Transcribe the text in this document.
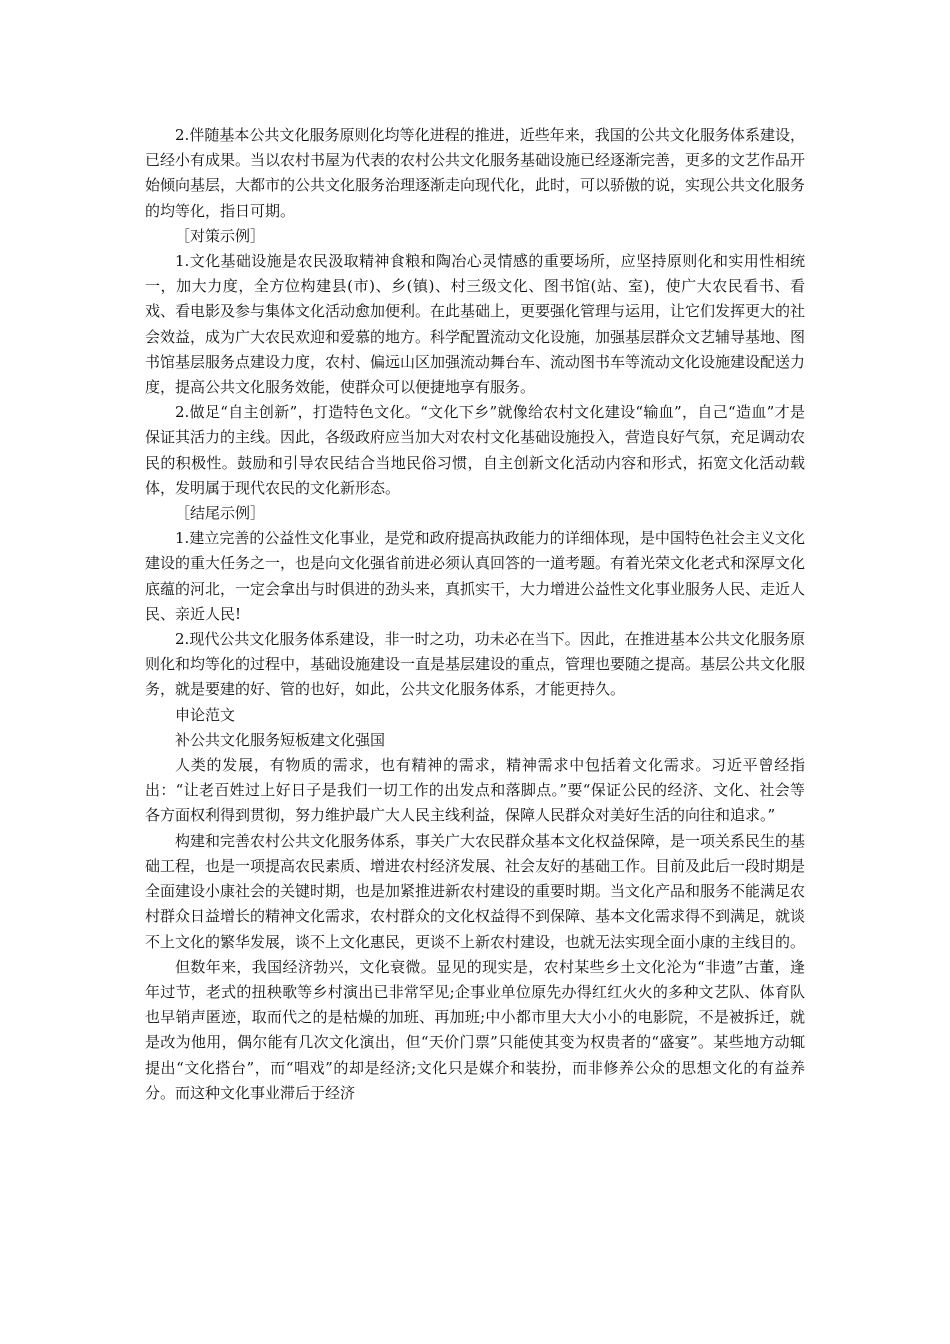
2.伴随基本公共文化服务原则化均等化进程的推进，近些年来，我国的公共文化服务体系建设，已经小有成果。当以农村书屋为代表的农村公共文化服务基础设施已经逐渐完善，更多的文艺作品开始倾向基层，大都市的公共文化服务治理逐渐走向现代化，此时，可以骄傲的说，实现公共文化服务的均等化，指日可期。

［对策示例］

1.文化基础设施是农民汲取精神食粮和陶冶心灵情感的重要场所，应坚持原则化和实用性相统一，加大力度，全方位构建县(市)、乡(镇)、村三级文化、图书馆(站、室)，使广大农民看书、看戏、看电影及参与集体文化活动愈加便利。在此基础上，更要强化管理与运用，让它们发挥更大的社会效益，成为广大农民欢迎和爱慕的地方。科学配置流动文化设施，加强基层群众文艺辅导基地、图书馆基层服务点建设力度，农村、偏远山区加强流动舞台车、流动图书车等流动文化设施建设配送力度，提高公共文化服务效能，使群众可以便捷地享有服务。

2.做足“自主创新”，打造特色文化。“文化下乡”就像给农村文化建设“输血”，自己“造血”才是保证其活力的主线。因此，各级政府应当加大对农村文化基础设施投入，营造良好气氛，充足调动农民的积极性。鼓励和引导农民结合当地民俗习惯，自主创新文化活动内容和形式，拓宽文化活动载体，发明属于现代农民的文化新形态。

［结尾示例］

1.建立完善的公益性文化事业，是党和政府提高执政能力的详细体现，是中国特色社会主义文化建设的重大任务之一，也是向文化强省前进必须认真回答的一道考题。有着光荣文化老式和深厚文化底蕴的河北，一定会拿出与时俱进的劲头来，真抓实干，大力增进公益性文化事业服务人民、走近人民、亲近人民!

2.现代公共文化服务体系建设，非一时之功，功未必在当下。因此，在推进基本公共文化服务原则化和均等化的过程中，基础设施建设一直是基层建设的重点，管理也要随之提高。基层公共文化服务，就是要建的好、管的也好，如此，公共文化服务体系，才能更持久。

申论范文

补公共文化服务短板建文化强国

人类的发展，有物质的需求，也有精神的需求，精神需求中包括着文化需求。习近平曾经指出：“让老百姓过上好日子是我们一切工作的出发点和落脚点。”要“保证公民的经济、文化、社会等各方面权利得到贯彻，努力维护最广大人民主线利益，保障人民群众对美好生活的向往和追求。”

构建和完善农村公共文化服务体系，事关广大农民群众基本文化权益保障，是一项关系民生的基础工程，也是一项提高农民素质、增进农村经济发展、社会友好的基础工作。目前及此后一段时期是全面建设小康社会的关键时期，也是加紧推进新农村建设的重要时期。当文化产品和服务不能满足农村群众日益增长的精神文化需求，农村群众的文化权益得不到保障、基本文化需求得不到满足，就谈不上文化的繁华发展，谈不上文化惠民，更谈不上新农村建设，也就无法实现全面小康的主线目的。

但数年来，我国经济勃兴，文化衰微。显见的现实是，农村某些乡土文化沦为“非遗”古董，逢年过节，老式的扭秧歌等乡村演出已非常罕见;企事业单位原先办得红红火火的多种文艺队、体育队也早销声匿迹，取而代之的是枯燥的加班、再加班;中小都市里大大小小的电影院，不是被拆迁，就是改为他用，偶尔能有几次文化演出，但“天价门票”只能使其变为权贵者的“盛宴”。某些地方动辄提出“文化搭台”，而“唱戏”的却是经济;文化只是媒介和装扮，而非修养公众的思想文化的有益养分。而这种文化事业滞后于经济
